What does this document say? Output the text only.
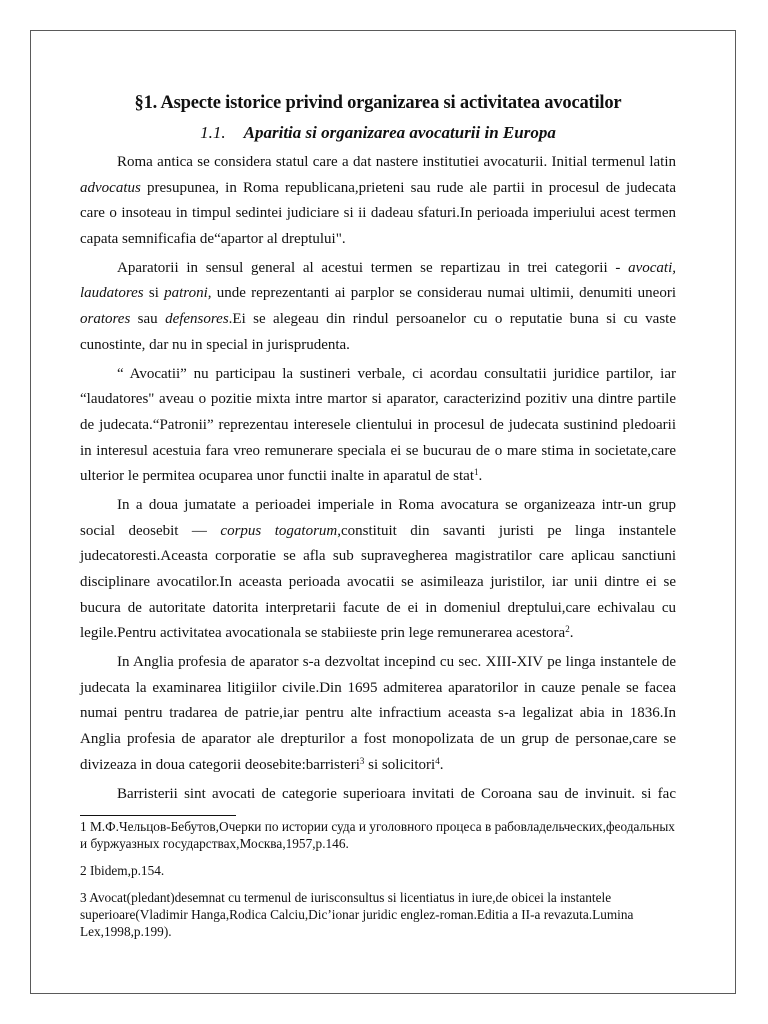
§1. Aspecte istorice privind organizarea si activitatea avocatilor
1.1. Aparitia si organizarea avocaturii in Europa

Roma antica se considera statul care a dat nastere institutiei avocaturii. Initial termenul latin advocatus presupunea, in Roma republicana,prieteni sau rude ale partii in procesul de judecata care o insoteau in timpul sedintei judiciare si ii dadeau sfaturi.In perioada imperiului acest termen capata semnificafia de“apartor al dreptului".

Aparatorii in sensul general al acestui termen se repartizau in trei categorii - avocati, laudatores si patroni, unde reprezentanti ai parplor se considerau numai ultimii, denumiti uneori oratores sau defensores.Ei se alegeau din rindul persoanelor cu o reputatie buna si cu vaste cunostinte, dar nu in special in jurisprudenta.

“ Avocatii” nu participau la sustineri verbale, ci acordau consultatii juridice partilor, iar “laudatores" aveau o pozitie mixta intre martor si aparator, caracterizind pozitiv una dintre partile de judecata.“Patronii” reprezentau interesele clientului in procesul de judecata sustinind pledoarii in interesul acestuia fara vreo remunerare speciala ei se bucurau de o mare stima in societate,care ulterior le permitea ocuparea unor functii inalte in aparatul de stat$^1$.

In a doua jumatate a perioadei imperiale in Roma avocatura se organizeaza intr-un grup social deosebit — corpus togatorum,constituit din savanti juristi pe linga instantele judecatoresti.Aceasta corporatie se afla sub supravegherea magistratilor care aplicau sanctiuni disciplinare avocatilor.In aceasta perioada avocatii se asimileaza juristilor, iar unii dintre ei se bucura de autoritate datorita interpretarii facute de ei in domeniul dreptului,care echivalau cu legile.Pentru activitatea avocationala se stabiieste prin lege remunerarea acestora$^2$.

In Anglia profesia de aparator s-a dezvoltat incepind cu sec. XIII-XIV pe linga instantele de judecata la examinarea litigiilor civile.Din 1695 admiterea aparatorilor in cauze penale se facea numai pentru tradarea de patrie,iar pentru alte infractium aceasta s-a legalizat abia in 1836.In Anglia profesia de aparator ale drepturilor a fost monopolizata de un grup de personae,care se divizeaza in doua categorii deosebite:barristeri$^3$ si solicitori$^4$.

Barristerii sint avocati de categorie superioara invitati de Coroana sau de invinuit. si fac

1 М.Ф.Чельцов-Бебутов,Очерки по истории суда и уголовного процеса в рабовладельческих,феодальных и буржуазных государствах,Москва,1957,p.146.

2 Ibidem,p.154.

3 Avocat(pledant)desemnat cu termenul de iurisconsultus si licentiatus in iure,de obicei la instantele superioare(Vladimir Hanga,Rodica Calciu,Dic’ionar juridic englez-roman.Editia a II-a revazuta.Lumina Lex,1998,p.199).
